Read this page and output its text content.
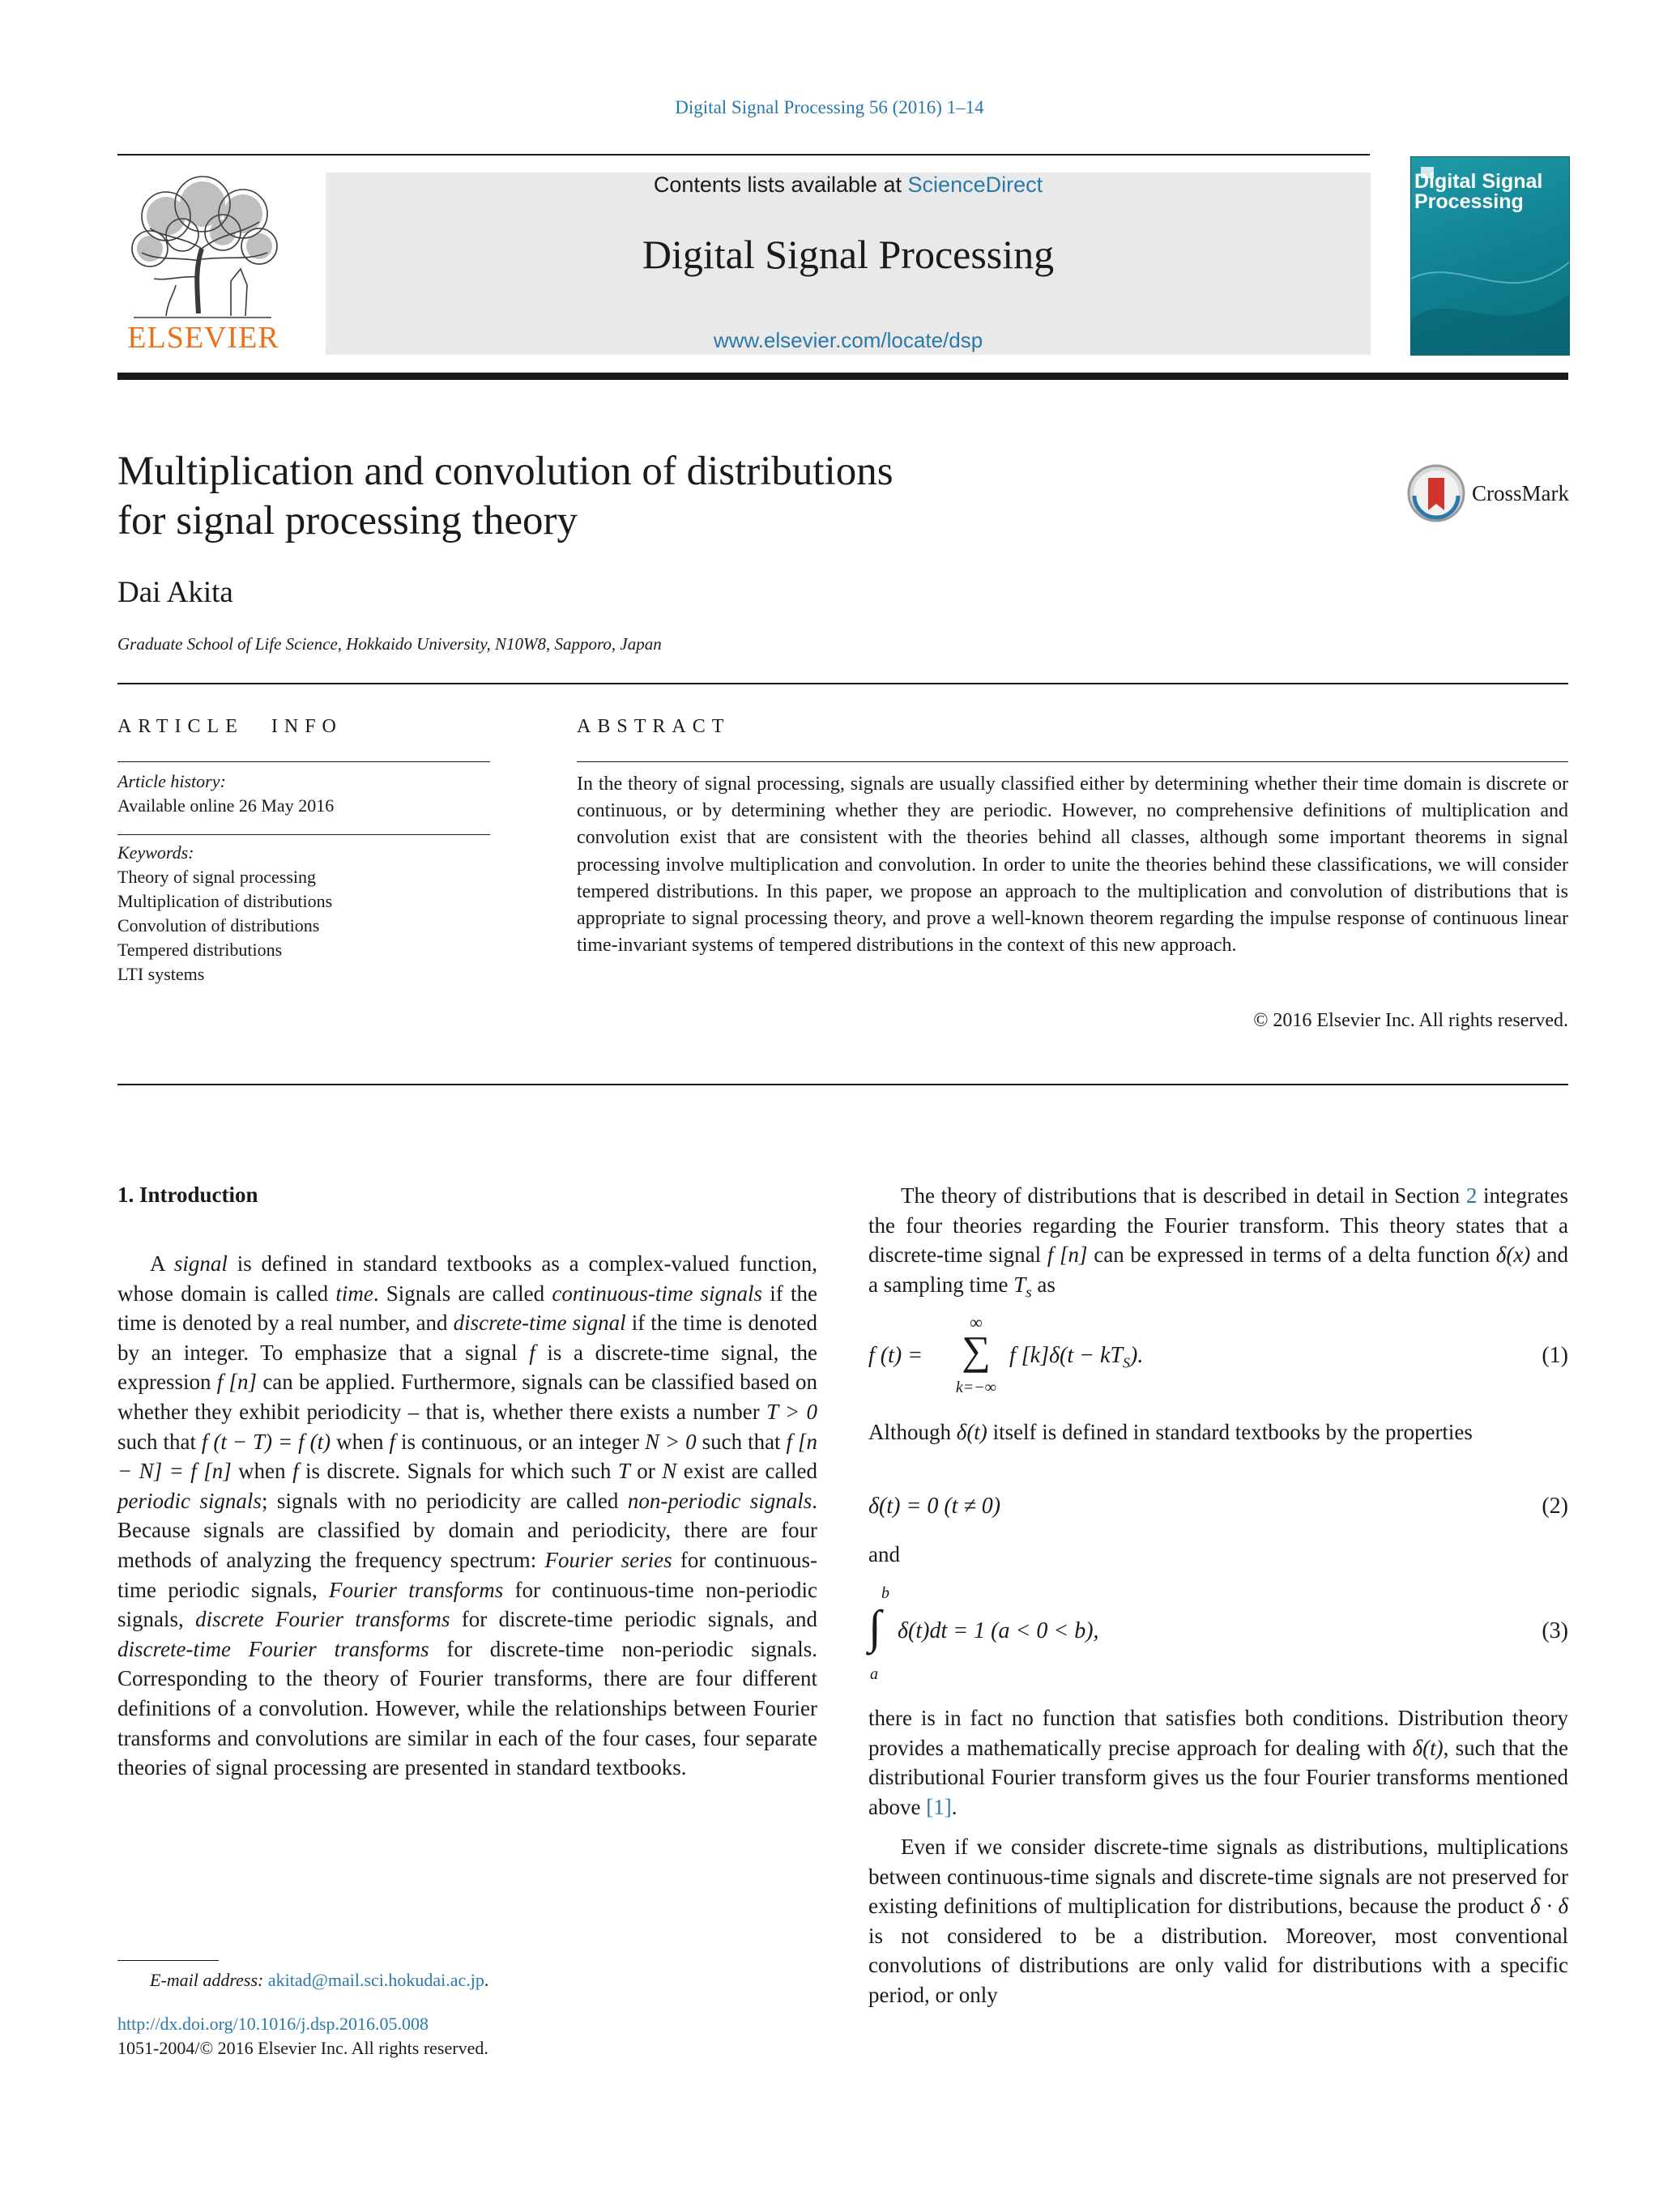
Digital Signal Processing 56 (2016) 1–14
ELSEVIER
Contents lists available at ScienceDirect
Digital Signal Processing
www.elsevier.com/locate/dsp
Digital Signal Processing
Multiplication and convolution of distributions
for signal processing theory
CrossMark
Dai Akita
Graduate School of Life Science, Hokkaido University, N10W8, Sapporo, Japan
ARTICLE INFO
Article history:
Available online 26 May 2016
Keywords:
Theory of signal processing
Multiplication of distributions
Convolution of distributions
Tempered distributions
LTI systems
ABSTRACT
In the theory of signal processing, signals are usually classified either by determining whether their time domain is discrete or continuous, or by determining whether they are periodic. However, no comprehensive definitions of multiplication and convolution exist that are consistent with the theories behind all classes, although some important theorems in signal processing involve multiplication and convolution. In order to unite the theories behind these classifications, we will consider tempered distributions. In this paper, we propose an approach to the multiplication and convolution of distributions that is appropriate to signal processing theory, and prove a well-known theorem regarding the impulse response of continuous linear time-invariant systems of tempered distributions in the context of this new approach.
© 2016 Elsevier Inc. All rights reserved.
1. Introduction
A signal is defined in standard textbooks as a complex-valued function, whose domain is called time. Signals are called continuous-time signals if the time is denoted by a real number, and discrete-time signal if the time is denoted by an integer. To emphasize that a signal f is a discrete-time signal, the expression f [n] can be applied. Furthermore, signals can be classified based on whether they exhibit periodicity – that is, whether there exists a number T > 0 such that f (t − T) = f (t) when f is continuous, or an integer N > 0 such that f [n − N] = f [n] when f is discrete. Signals for which such T or N exist are called periodic signals; signals with no periodicity are called non-periodic signals. Because signals are classified by domain and periodicity, there are four methods of analyzing the frequency spectrum: Fourier series for continuous-time periodic signals, Fourier transforms for continuous-time non-periodic signals, discrete Fourier transforms for discrete-time periodic signals, and discrete-time Fourier transforms for discrete-time non-periodic signals. Corresponding to the theory of Fourier transforms, there are four different definitions of a convolution. However, while the relationships between Fourier transforms and convolutions are similar in each of the four cases, four separate theories of signal processing are presented in standard textbooks.
The theory of distributions that is described in detail in Section 2 integrates the four theories regarding the Fourier transform. This theory states that a discrete-time signal f [n] can be expressed in terms of a delta function δ(x) and a sampling time $T_s$ as
f (t) =
∞
∑
k=−∞
f $[k]\delta(t - kT_S)$.	(1)
Although δ(t) itself is defined in standard textbooks by the properties
δ(t) = 0 (t ≠ 0)	(2)
and
b
∫
a
δ(t)dt = 1 (a < 0 < b),	(3)
there is in fact no function that satisfies both conditions. Distribution theory provides a mathematically precise approach for dealing with δ(t), such that the distributional Fourier transform gives us the four Fourier transforms mentioned above [1].
Even if we consider discrete-time signals as distributions, multiplications between continuous-time signals and discrete-time signals are not preserved for existing definitions of multiplication for distributions, because the product δ · δ is not considered to be a distribution. Moreover, most conventional convolutions of distributions are only valid for distributions with a specific period, or only
E-mail address: akitad@mail.sci.hokudai.ac.jp.
http://dx.doi.org/10.1016/j.dsp.2016.05.008
1051-2004/© 2016 Elsevier Inc. All rights reserved.
